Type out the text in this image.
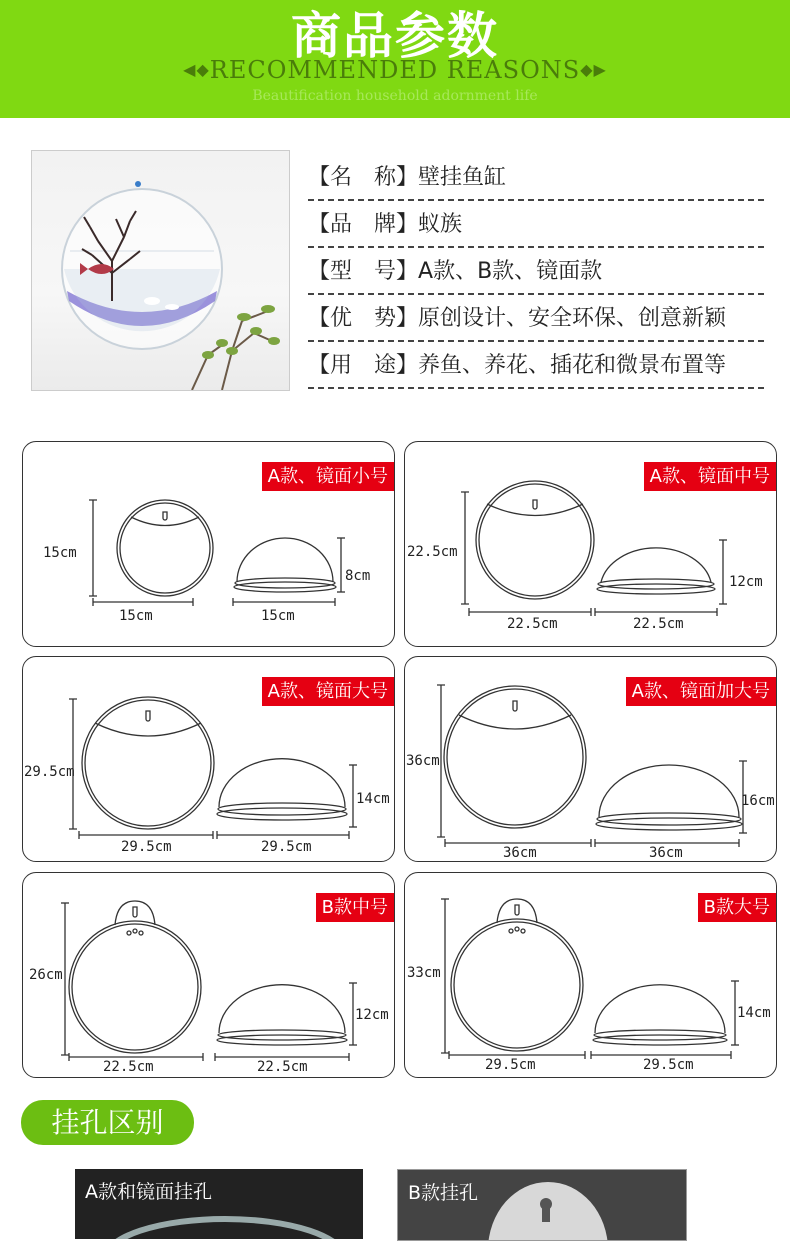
商品参数
◀◆RECOMMENDED REASONS◆▶
Beautification household adornment life
【名　称】壁挂鱼缸
【品　牌】蚁族
【型　号】A款、B款、镜面款
【优　势】原创设计、安全环保、创意新颖
【用　途】养鱼、养花、插花和微景布置等
A款、镜面小号
15cm
15cm	15cm
8cm
A款、镜面中号
22.5cm
22.5cm	22.5cm
12cm
A款、镜面大号
29.5cm
29.5cm	29.5cm
14cm
A款、镜面加大号
36cm
36cm	36cm
16cm
B款中号
26cm
22.5cm	22.5cm
12cm
B款大号
33cm
29.5cm	29.5cm
14cm
挂孔区别
A款和镜面挂孔	B款挂孔
